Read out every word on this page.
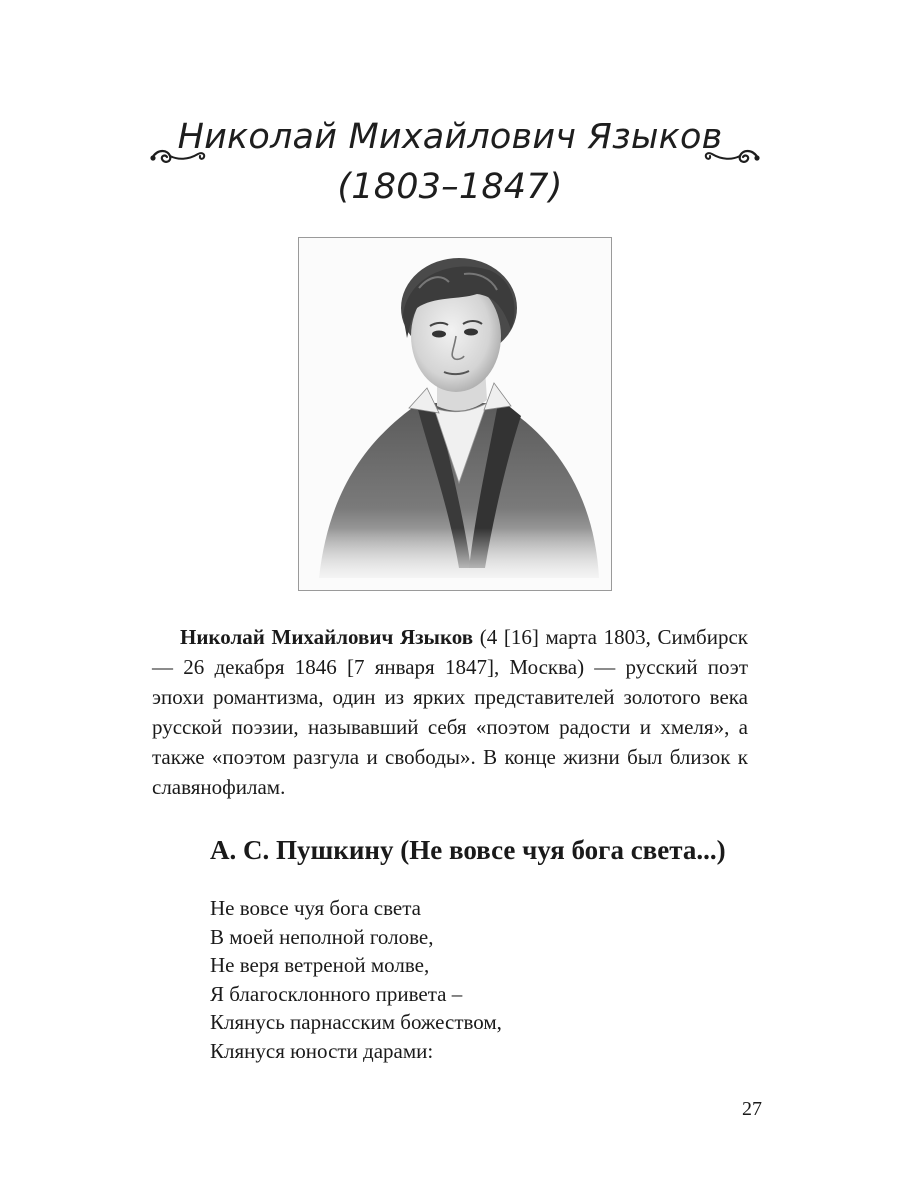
Николай Михайлович Языков
(1803–1847)

Николай Михайлович Языков (4 [16] марта 1803, Симбирск — 26 декабря 1846 [7 января 1847], Москва) — русский поэт эпохи романтизма, один из ярких представителей золотого века русской поэзии, называвший себя «поэтом радости и хмеля», а также «поэтом разгула и свободы». В конце жизни был близок к славянофилам.

А. С. Пушкину (Не вовсе чуя бога света...)
Не вовсе чуя бога света
В моей неполной голове,
Не веря ветреной молве,
Я благосклонного привета –
Клянусь парнасским божеством,
Клянуся юности дарами:
27
